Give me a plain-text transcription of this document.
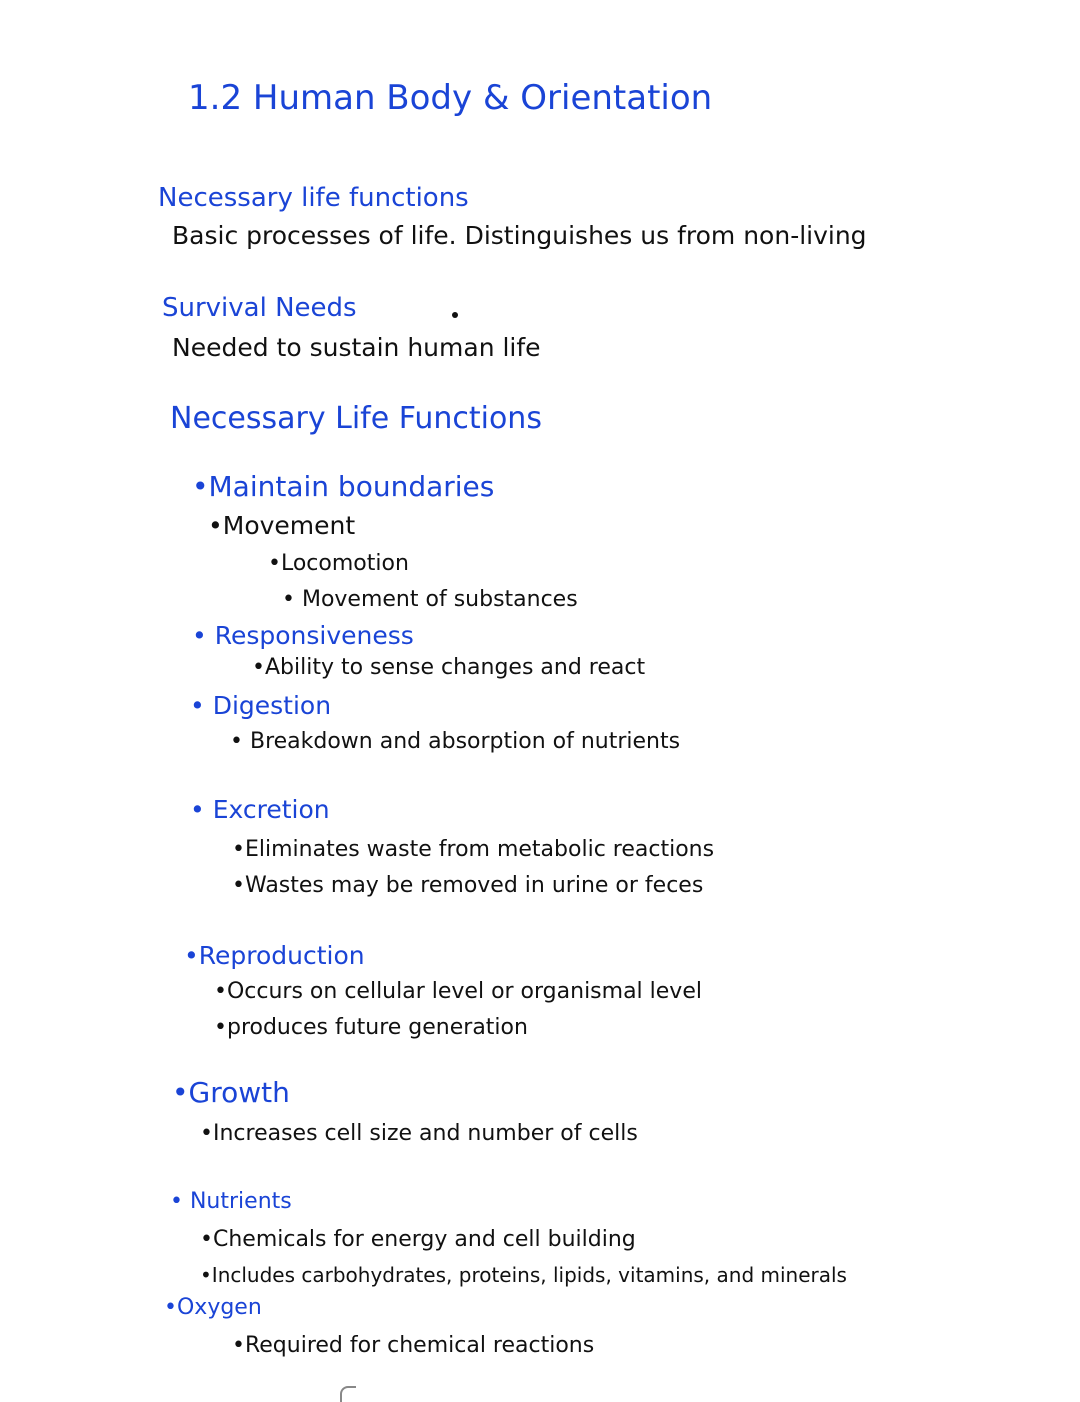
1.2 Human Body & Orientation
Necessary life functions
Basic processes of life. Distinguishes us from non-living
Survival Needs
Needed to sustain human life
Necessary Life Functions
•Maintain boundaries
•Movement
•Locomotion
• Movement of substances
• Responsiveness
•Ability to sense changes and react
• Digestion
• Breakdown and absorption of nutrients
• Excretion
•Eliminates waste from metabolic reactions
•Wastes may be removed in urine or feces
•Reproduction
•Occurs on cellular level or organismal level
•produces future generation
•Growth
•Increases cell size and number of cells
• Nutrients
•Chemicals for energy and cell building
•Includes carbohydrates, proteins, lipids, vitamins, and minerals
•Oxygen
•Required for chemical reactions
